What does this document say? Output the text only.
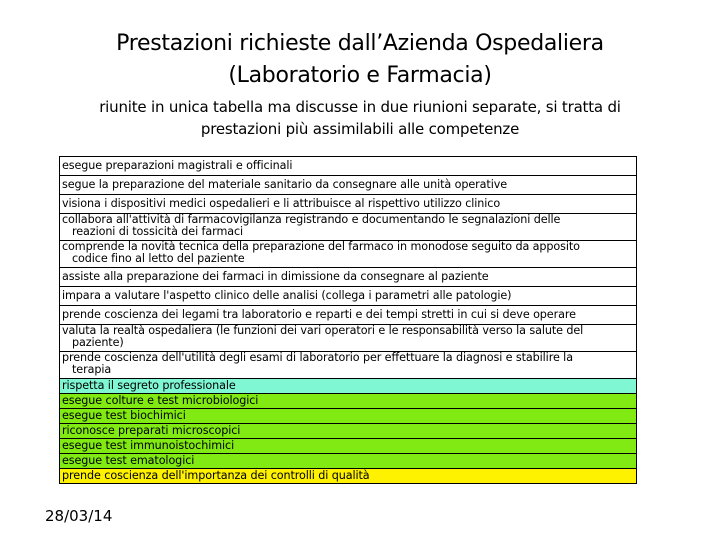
Prestazioni richieste dall’Azienda Ospedaliera
(Laboratorio e Farmacia)
riunite in unica tabella ma discusse in due riunioni separate, si tratta di
prestazioni più assimilabili alle competenze
esegue preparazioni magistrali e officinali
segue la preparazione del materiale sanitario da consegnare alle unità operative
visiona i dispositivi medici ospedalieri e li attribuisce al rispettivo utilizzo clinico
collabora all'attività di farmacovigilanza registrando e documentando le segnalazioni delle
reazioni di tossicità dei farmaci

comprende la novità tecnica della preparazione del farmaco in monodose seguito da apposito
codice fino al letto del paziente

assiste alla preparazione dei farmaci in dimissione da consegnare al paziente
impara a valutare l'aspetto clinico delle analisi (collega i parametri alle patologie)
prende coscienza dei legami tra laboratorio e reparti e dei tempi stretti in cui si deve operare
valuta la realtà ospedaliera (le funzioni dei vari operatori e le responsabilità verso la salute del
paziente)

prende coscienza dell'utilità degli esami di laboratorio per effettuare la diagnosi e stabilire la
terapia

rispetta il segreto professionale
esegue colture e test microbiologici
esegue test biochimici
riconosce preparati microscopici
esegue test immunoistochimici
esegue test ematologici
prende coscienza dell'importanza dei controlli di qualità
28/03/14
